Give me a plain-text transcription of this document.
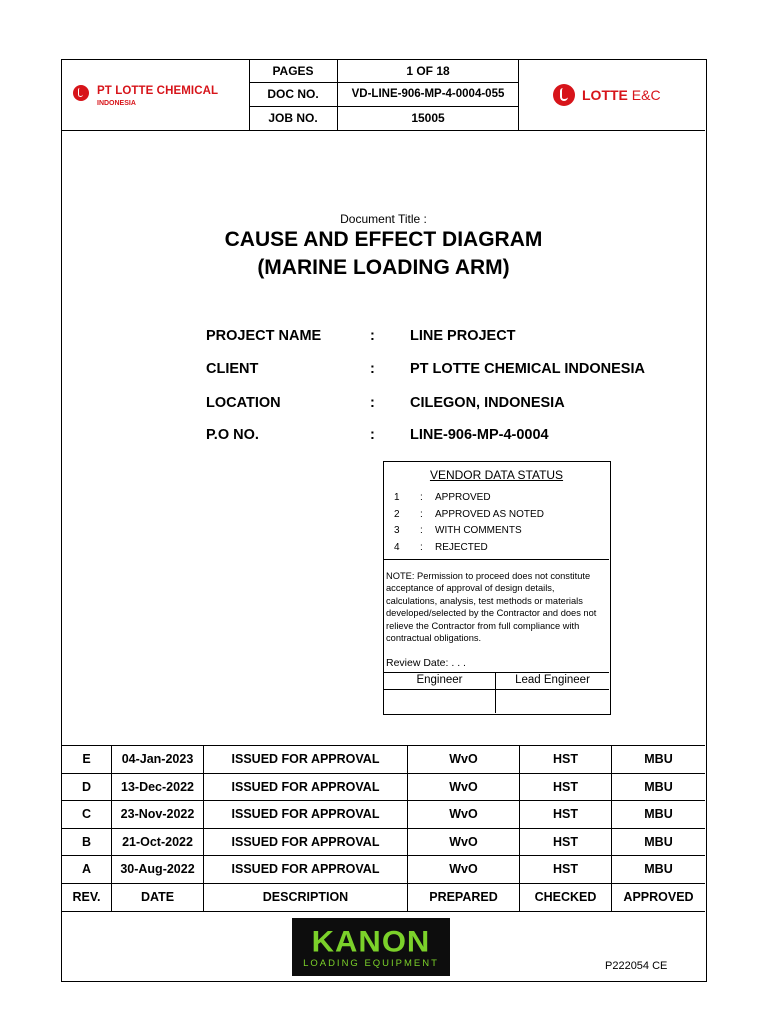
PT LOTTE CHEMICAL
INDONESIA
PAGES	1 OF 18
DOC NO.	VD-LINE-906-MP-4-0004-055
JOB NO.	15005
LOTTE E&C
Document Title :
CAUSE AND EFFECT DIAGRAM
(MARINE LOADING ARM)
PROJECT NAME	: LINE PROJECT
CLIENT	: PT LOTTE CHEMICAL INDONESIA
LOCATION	: CILEGON, INDONESIA
P.O NO.	: LINE-906-MP-4-0004
VENDOR DATA STATUS
1 : APPROVED
2 : APPROVED AS NOTED
3 : WITH COMMENTS
4 : REJECTED
NOTE: Permission to proceed does not constitute acceptance of approval of design details, calculations, analysis, test methods or materials developed/selected by the Contractor and does not relieve the Contractor from full compliance with contractual obligations.
Review Date: . . .
Engineer	Lead Engineer
E	04-Jan-2023	ISSUED FOR APPROVAL	WvO	HST	MBU
D	13-Dec-2022	ISSUED FOR APPROVAL	WvO	HST	MBU
C	23-Nov-2022	ISSUED FOR APPROVAL	WvO	HST	MBU
B	21-Oct-2022	ISSUED FOR APPROVAL	WvO	HST	MBU
A	30-Aug-2022	ISSUED FOR APPROVAL	WvO	HST	MBU
REV.	DATE	DESCRIPTION	PREPARED	CHECKED	APPROVED
KANON
LOADING EQUIPMENT	P222054 CE
